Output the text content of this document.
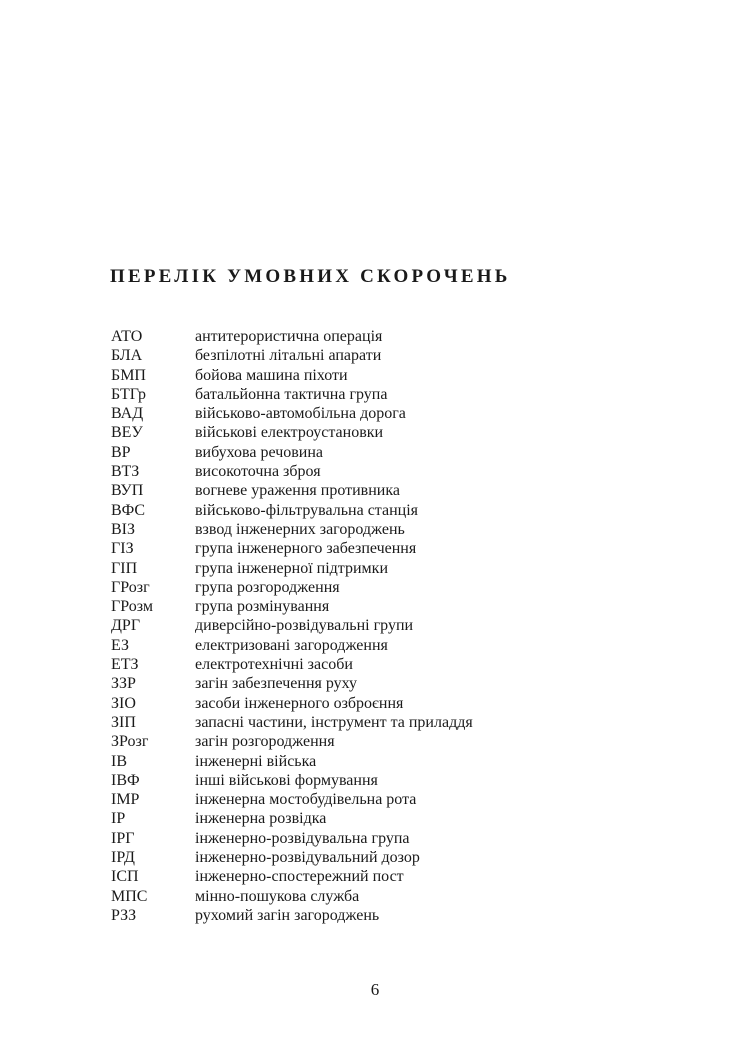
ПЕРЕЛІК УМОВНИХ СКОРОЧЕНЬ
АТО	антитерористична операція
БЛА	безпілотні літальні апарати
БМП	бойова машина піхоти
БТГр	батальйонна тактична група
ВАД	військово-автомобільна дорога
ВЕУ	військові електроустановки
ВР	вибухова речовина
ВТЗ	високоточна зброя
ВУП	вогневе ураження противника
ВФС	військово-фільтрувальна станція
ВІЗ	взвод інженерних загороджень
ГІЗ	група інженерного забезпечення
ГІП	група інженерної підтримки
ГРозг	група розгородження
ГРозм	група розмінування
ДРГ	диверсійно-розвідувальні групи
ЕЗ	електризовані загородження
ЕТЗ	електротехнічні засоби
ЗЗР	загін забезпечення руху
ЗІО	засоби інженерного озброєння
ЗІП	запасні частини, інструмент та приладдя
ЗРозг	загін розгородження
ІВ	інженерні війська
ІВФ	інші військові формування
ІМР	інженерна мостобудівельна рота
ІР	інженерна розвідка
ІРГ	інженерно-розвідувальна група
ІРД	інженерно-розвідувальний дозор
ІСП	інженерно-спостережний пост
МПС	мінно-пошукова служба
РЗЗ	рухомий загін загороджень
6
